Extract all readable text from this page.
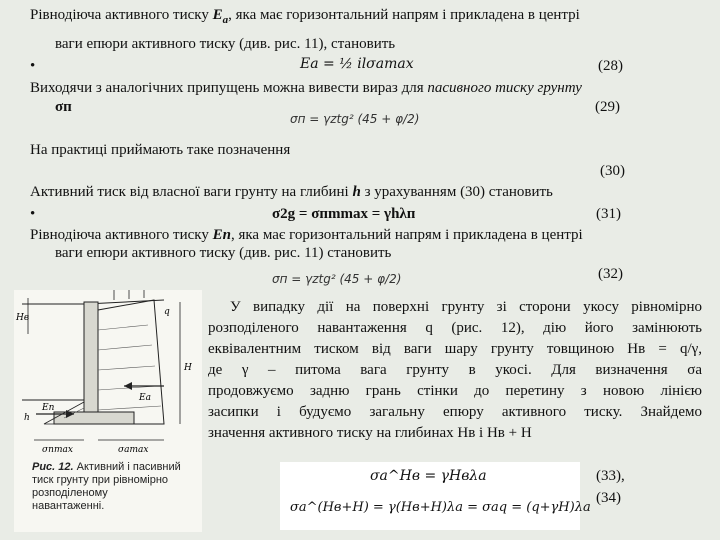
Рівнодіюча активного тиску $E_a$, яка має горизонтальний напрям і прикладена в центрі
ваги епюри активного тиску (див. рис. 11), становить
•	Ea = ½ ilσamax	(28)
Виходячи з аналогічних припущень можна вивести вираз для пасивного тиску грунту
σп	(29)
σп = γztg² (45 + φ/2)
На практиці приймають таке позначення
(30)
Активний тиск від власної ваги грунту на глибині h з урахуванням (30) становить
•	σ2g = σпmmax = γhλп	(31)
Рівнодіюча активного тиску En, яка має горизонтальний напрям і прикладена в центрі
ваги епюри активного тиску (див. рис. 11) становить
σп = γztg² (45 + φ/2)	(32)
Hв
q
H
Eп
Ea
h
σпmax	σamax
Рис. 12. Активний і пасивний тиск грунту при рівномірно розподіленому навантаженні.
У випадку дії на поверхні грунту зі сторони укосу рівномірно
розподіленого навантаження q (рис. 12), дію його замінюють
еквівалентним тиском від ваги шару грунту товщиною Hв = q/γ,
де γ – питома вага грунту в укосі. Для визначення σa
продовжуємо задню грань стінки до перетину з новою лінією
засипки і будуємо загальну епюру активного тиску. Знайдемо
значення активного тиску на глибинах Hв і Hв + H
σa^Hв = γHвλa
σa^(Hв+H) = γ(Hв+H)λa = σaq = (q+γH)λa
(33),
(34)
